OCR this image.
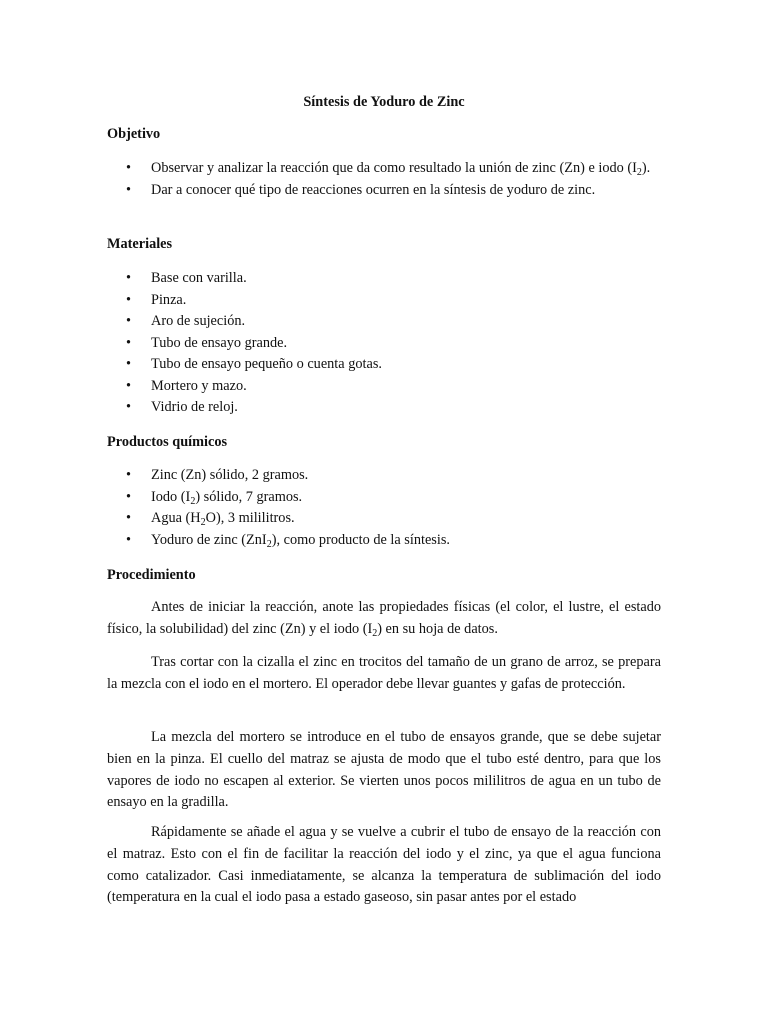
Síntesis de Yoduro de Zinc
Objetivo
• Observar y analizar la reacción que da como resultado la unión de zinc (Zn) e iodo $(I_2)$.
• Dar a conocer qué tipo de reacciones ocurren en la síntesis de yoduro de zinc.
Materiales
• Base con varilla.
• Pinza.
• Aro de sujeción.
• Tubo de ensayo grande.
• Tubo de ensayo pequeño o cuenta gotas.
• Mortero y mazo.
• Vidrio de reloj.
Productos químicos
• Zinc (Zn) sólido, 2 gramos.
• Iodo $(I_2)$ sólido, 7 gramos.
• Agua $(H_2O)$, 3 mililitros.
• Yoduro de zinc (ZnI$_2$), como producto de la síntesis.
Procedimiento

Antes de iniciar la reacción, anote las propiedades físicas (el color, el lustre, el estado físico, la solubilidad) del zinc (Zn) y el iodo $(I_2)$ en su hoja de datos.

Tras cortar con la cizalla el zinc en trocitos del tamaño de un grano de arroz, se prepara la mezcla con el iodo en el mortero. El operador debe llevar guantes y gafas de protección.

La mezcla del mortero se introduce en el tubo de ensayos grande, que se debe sujetar bien en la pinza. El cuello del matraz se ajusta de modo que el tubo esté dentro, para que los vapores de iodo no escapen al exterior. Se vierten unos pocos mililitros de agua en un tubo de ensayo en la gradilla.

Rápidamente se añade el agua y se vuelve a cubrir el tubo de ensayo de la reacción con el matraz. Esto con el fin de facilitar la reacción del iodo y el zinc, ya que el agua funciona como catalizador. Casi inmediatamente, se alcanza la temperatura de sublimación del iodo (temperatura en la cual el iodo pasa a estado gaseoso, sin pasar antes por el estado
